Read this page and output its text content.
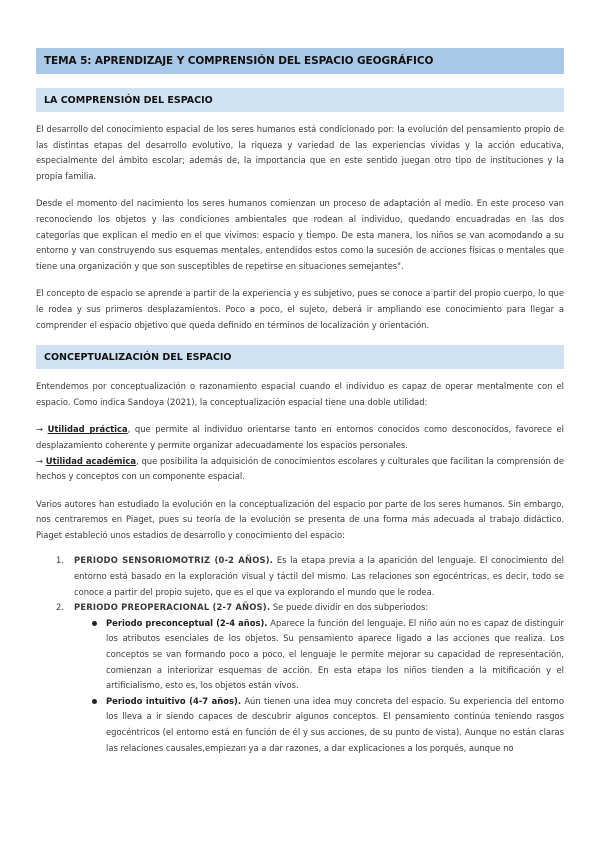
TEMA 5: APRENDIZAJE Y COMPRENSIÓN DEL ESPACIO GEOGRÁFICO
LA COMPRENSIÓN DEL ESPACIO

El desarrollo del conocimiento espacial de los seres humanos está condicionado por: la evolución del pensamiento propio de las distintas etapas del desarrollo evolutivo, la riqueza y variedad de las experiencias vividas y la acción educativa, especialmente del ámbito escolar; además de, la importancia que en este sentido juegan otro tipo de instituciones y la propia familia.

Desde el momento del nacimiento los seres humanos comienzan un proceso de adaptación al medio. En este proceso van reconociendo los objetos y las condiciones ambientales que rodean al individuo, quedando encuadradas en las dos categorías que explican el medio en el que vivimos: espacio y tiempo. De esta manera, los niños se van acomodando a su entorno y van construyendo sus esquemas mentales, entendidos estos como la sucesión de acciones físicas o mentales que tiene una organización y que son susceptibles de repetirse en situaciones semejantes".

El concepto de espacio se aprende a partir de la experiencia y es subjetivo, pues se conoce a partir del propio cuerpo, lo que le rodea y sus primeros desplazamientos. Poco a poco, el sujeto, deberá ir ampliando ese conocimiento para llegar a comprender el espacio objetivo que queda definido en términos de localización y orientación.

CONCEPTUALIZACIÓN DEL ESPACIO

Entendemos por conceptualización o razonamiento espacial cuando el individuo es capaz de operar mentalmente con el espacio. Como indica Sandoya (2021), la conceptualización espacial tiene una doble utilidad:

→ Utilidad práctica, que permite al individuo orientarse tanto en entornos conocidos como desconocidos, favorece el desplazamiento coherente y permite organizar adecuadamente los espacios personales.

→ Utilidad académica, que posibilita la adquisición de conocimientos escolares y culturales que facilitan la comprensión de hechos y conceptos con un componente espacial.

Varios autores han estudiado la evolución en la conceptualización del espacio por parte de los seres humanos. Sin embargo, nos centraremos en Piaget, pues su teoría de la evolución se presenta de una forma más adecuada al trabajo didáctico. Piaget estableció unos estadios de desarrollo y conocimiento del espacio:

1. PERIODO SENSORIOMOTRIZ (0-2 AÑOS). Es la etapa previa a la aparición del lenguaje. El conocimiento del entorno está basado en la exploración visual y táctil del mismo. Las relaciones son egocéntricas, es decir, todo se conoce a partir del propio sujeto, que es el que va explorando el mundo que le rodea.
2. PERIODO PREOPERACIONAL (2-7 AÑOS). Se puede dividir en dos subperiodos:
Periodo preconceptual (2-4 años). Aparece la función del lenguaje. El niño aún no es capaz de distinguir los atributos esenciales de los objetos. Su pensamiento aparece ligado a las acciones que realiza. Los conceptos se van formando poco a poco, el lenguaje le permite mejorar su capacidad de representación, comienzan a interiorizar esquemas de acción. En esta etapa los niños tienden a la mitificación y el artificialismo, esto es, los objetos están vivos.
Periodo intuitivo (4-7 años). Aún tienen una idea muy concreta del espacio. Su experiencia del entorno los lleva a ir siendo capaces de descubrir algunos conceptos. El pensamiento continúa teniendo rasgos egocéntricos (el entorno está en función de él y sus acciones, de su punto de vista). Aunque no están claras las relaciones causales,empiezan ya a dar razones, a dar explicaciones a los porqués, aunque no
